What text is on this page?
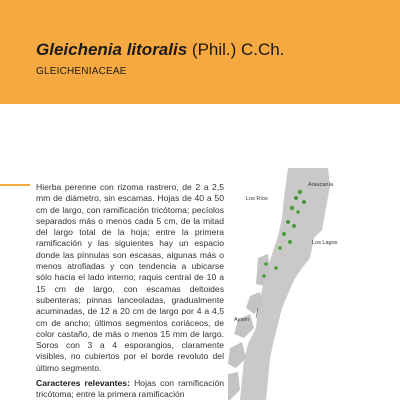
Gleichenia litoralis (Phil.) C.Ch.
GLEICHENIACEAE

Hierba perenne con rizoma rastrero, de 2 a 2,5 mm de diámetro, sin escamas. Hojas de 40 a 50 cm de largo, con ramificación tricótoma; pecíolos separados más o menos cada 5 cm, de la mitad del largo total de la hoja; entre la primera ramificación y las siguientes hay un espacio donde las pínnulas son escasas, algunas más o menos atrofiadas y con tendencia a ubicarse sólo hacia el lado interno; raquis central de 10 a 15 cm de largo, con escamas deltoides subenteras; pinnas lanceoladas, gradualmente acuminadas, de 12 a 20 cm de largo por 4 a 4,5 cm de ancho; últimos segmentos coriáceos, de color castaño, de más o menos 15 mm de largo. Soros con 3 a 4 esporangios, claramente visibles, no cubiertos por el borde revoluto del último segmento.

Caracteres relevantes: Hojas con ramificación tricótoma; entre la primera ramificación

Araucanía
Los Ríos
Los Lagos
Aysén
